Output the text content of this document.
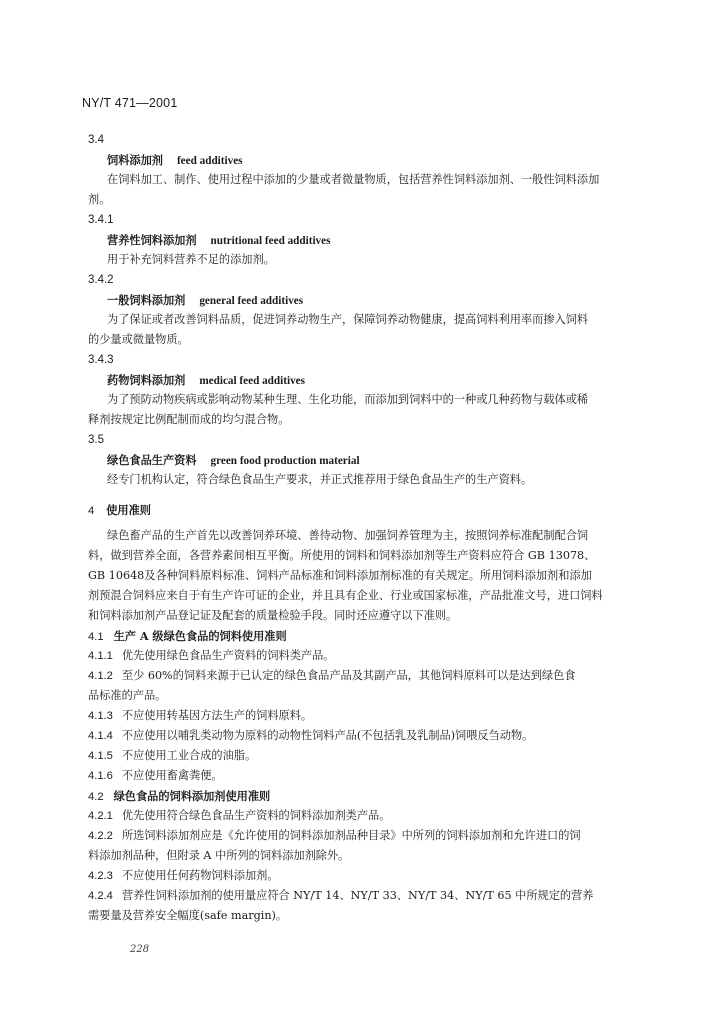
NY/T 471—2001
3.4
饲料添加剂 feed additives
在饲料加工、制作、使用过程中添加的少量或者微量物质，包括营养性饲料添加剂、一般性饲料添加
剂。
3.4.1
营养性饲料添加剂 nutritional feed additives
用于补充饲料营养不足的添加剂。
3.4.2
一般饲料添加剂 general feed additives
为了保证或者改善饲料品质，促进饲养动物生产，保障饲养动物健康，提高饲料利用率而掺入饲料
的少量或微量物质。
3.4.3
药物饲料添加剂 medical feed additives
为了预防动物疾病或影响动物某种生理、生化功能，而添加到饲料中的一种或几种药物与载体或稀
释剂按规定比例配制而成的均匀混合物。
3.5
绿色食品生产资料 green food production material
经专门机构认定，符合绿色食品生产要求，并正式推荐用于绿色食品生产的生产资料。
4 使用准则
绿色畜产品的生产首先以改善饲养环境、善待动物、加强饲养管理为主，按照饲养标准配制配合饲
料，做到营养全面，各营养素间相互平衡。所使用的饲料和饲料添加剂等生产资料应符合 GB 13078、
GB 10648及各种饲料原料标准、饲料产品标准和饲料添加剂标准的有关规定。所用饲料添加剂和添加
剂预混合饲料应来自于有生产许可证的企业，并且具有企业、行业或国家标准，产品批准文号，进口饲料
和饲料添加剂产品登记证及配套的质量检验手段。同时还应遵守以下准则。
4.1 生产 A 级绿色食品的饲料使用准则
4.1.1 优先使用绿色食品生产资料的饲料类产品。
4.1.2 至少 60%的饲料来源于已认定的绿色食品产品及其副产品，其他饲料原料可以是达到绿色食
品标准的产品。
4.1.3 不应使用转基因方法生产的饲料原料。
4.1.4 不应使用以哺乳类动物为原料的动物性饲料产品(不包括乳及乳制品)饲喂反刍动物。
4.1.5 不应使用工业合成的油脂。
4.1.6 不应使用畜禽粪便。
4.2 绿色食品的饲料添加剂使用准则
4.2.1 优先使用符合绿色食品生产资料的饲料添加剂类产品。
4.2.2 所选饲料添加剂应是《允许使用的饲料添加剂品种目录》中所列的饲料添加剂和允许进口的饲
料添加剂品种，但附录 A 中所列的饲料添加剂除外。
4.2.3 不应使用任何药物饲料添加剂。
4.2.4 营养性饲料添加剂的使用量应符合 NY/T 14、NY/T 33、NY/T 34、NY/T 65 中所规定的营养
需要量及营养安全幅度(safe margin)。
228
